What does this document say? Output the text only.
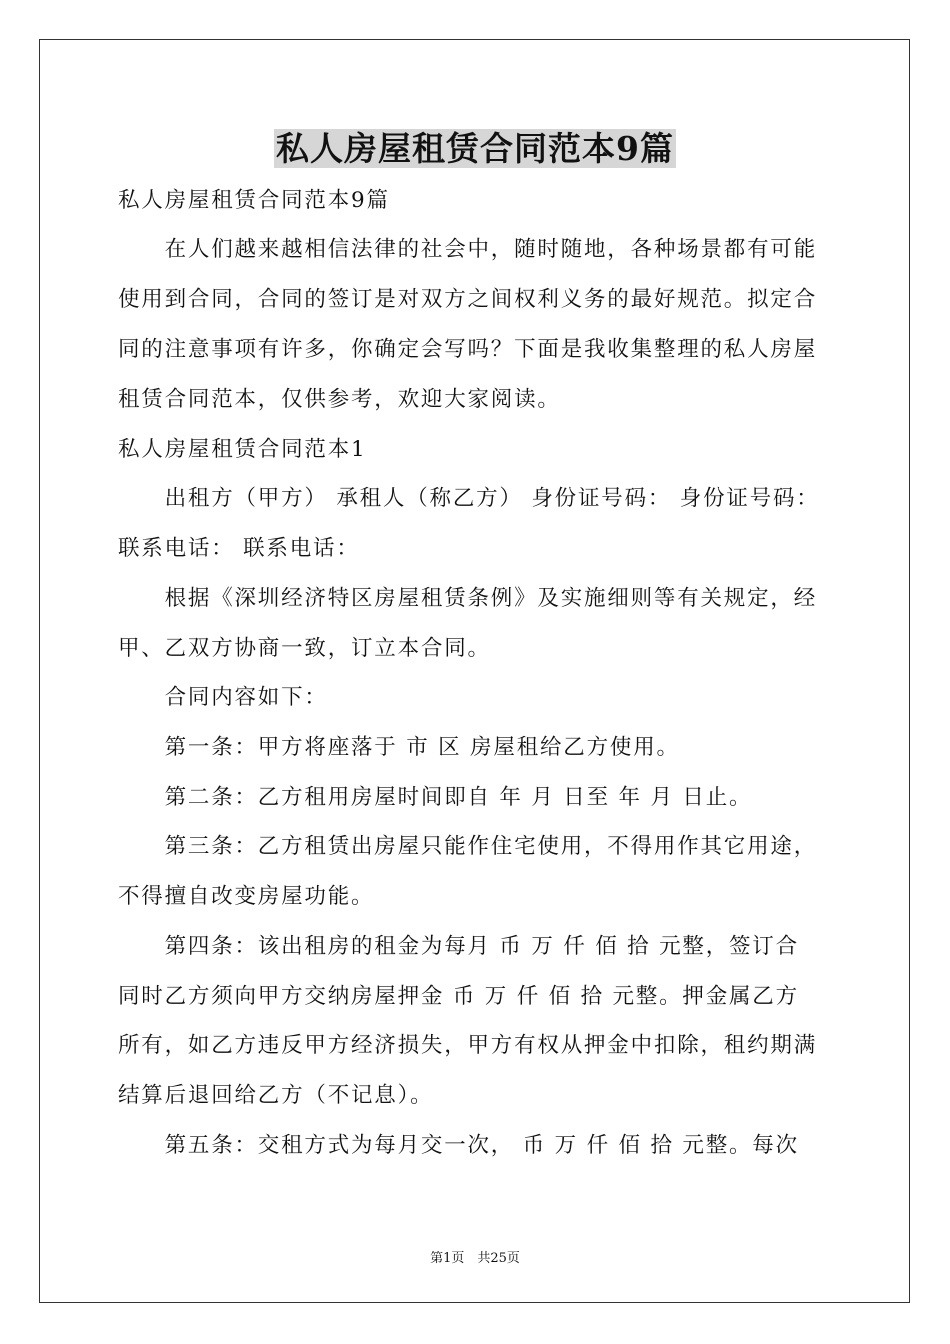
私人房屋租赁合同范本9篇
私人房屋租赁合同范本9篇
　　在人们越来越相信法律的社会中，随时随地，各种场景都有可能
使用到合同，合同的签订是对双方之间权利义务的最好规范。拟定合
同的注意事项有许多，你确定会写吗？下面是我收集整理的私人房屋
租赁合同范本，仅供参考，欢迎大家阅读。
私人房屋租赁合同范本1
　　出租方（甲方） 承租人（称乙方） 身份证号码： 身份证号码：
联系电话： 联系电话：
　　根据《深圳经济特区房屋租赁条例》及实施细则等有关规定，经
甲、乙双方协商一致，订立本合同。
　　合同内容如下：
　　第一条：甲方将座落于 市 区 房屋租给乙方使用。
　　第二条：乙方租用房屋时间即自 年 月 日至 年 月 日止。
　　第三条：乙方租赁出房屋只能作住宅使用，不得用作其它用途，
不得擅自改变房屋功能。
　　第四条：该出租房的租金为每月 币 万 仟 佰 拾 元整，签订合
同时乙方须向甲方交纳房屋押金 币 万 仟 佰 拾 元整。押金属乙方
所有，如乙方违反甲方经济损失，甲方有权从押金中扣除，租约期满
结算后退回给乙方（不记息）。
　　第五条：交租方式为每月交一次， 币 万 仟 佰 拾 元整。每次
第1页　共25页
